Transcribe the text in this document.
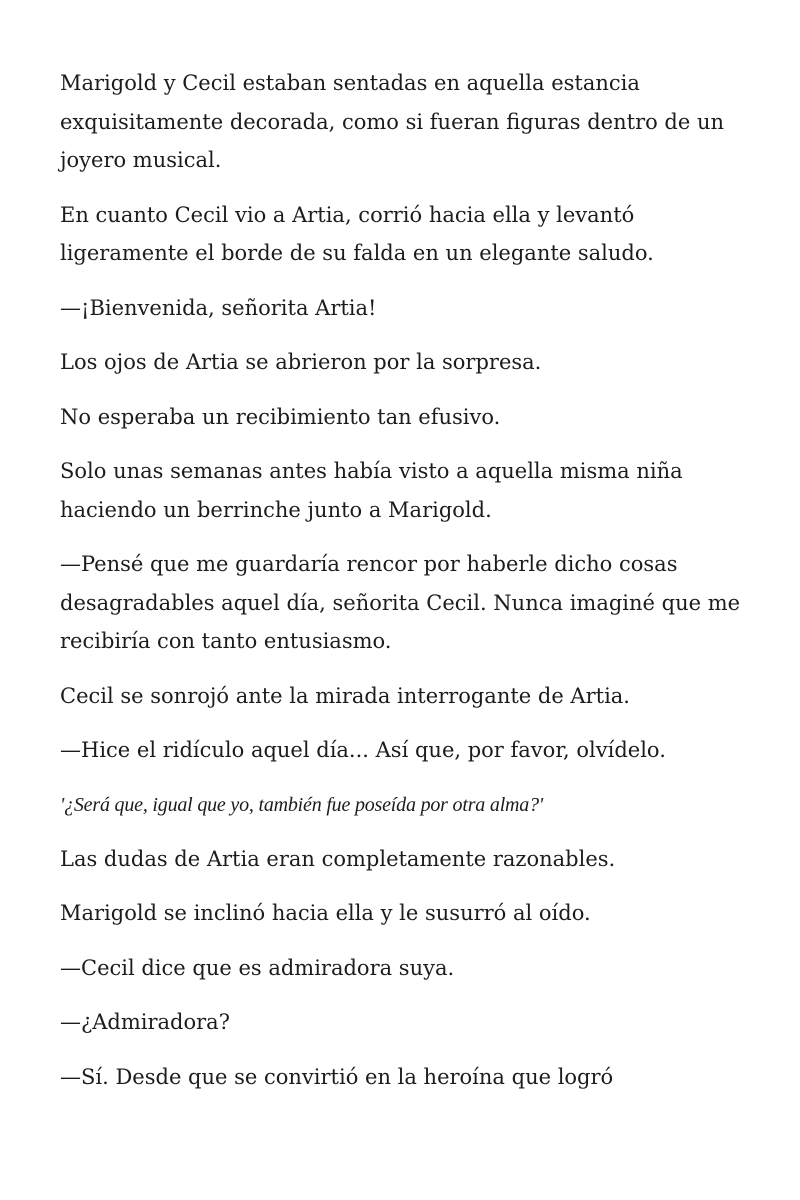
Marigold y Cecil estaban sentadas en aquella estancia exquisitamente decorada, como si fueran figuras dentro de un joyero musical.

En cuanto Cecil vio a Artia, corrió hacia ella y levantó ligeramente el borde de su falda en un elegante saludo.

—¡Bienvenida, señorita Artia!

Los ojos de Artia se abrieron por la sorpresa.

No esperaba un recibimiento tan efusivo.

Solo unas semanas antes había visto a aquella misma niña haciendo un berrinche junto a Marigold.

—Pensé que me guardaría rencor por haberle dicho cosas desagradables aquel día, señorita Cecil. Nunca imaginé que me recibiría con tanto entusiasmo.

Cecil se sonrojó ante la mirada interrogante de Artia.

—Hice el ridículo aquel día... Así que, por favor, olvídelo.

'¿Será que, igual que yo, también fue poseída por otra alma?'

Las dudas de Artia eran completamente razonables.

Marigold se inclinó hacia ella y le susurró al oído.

—Cecil dice que es admiradora suya.

—¿Admiradora?

—Sí. Desde que se convirtió en la heroína que logró
